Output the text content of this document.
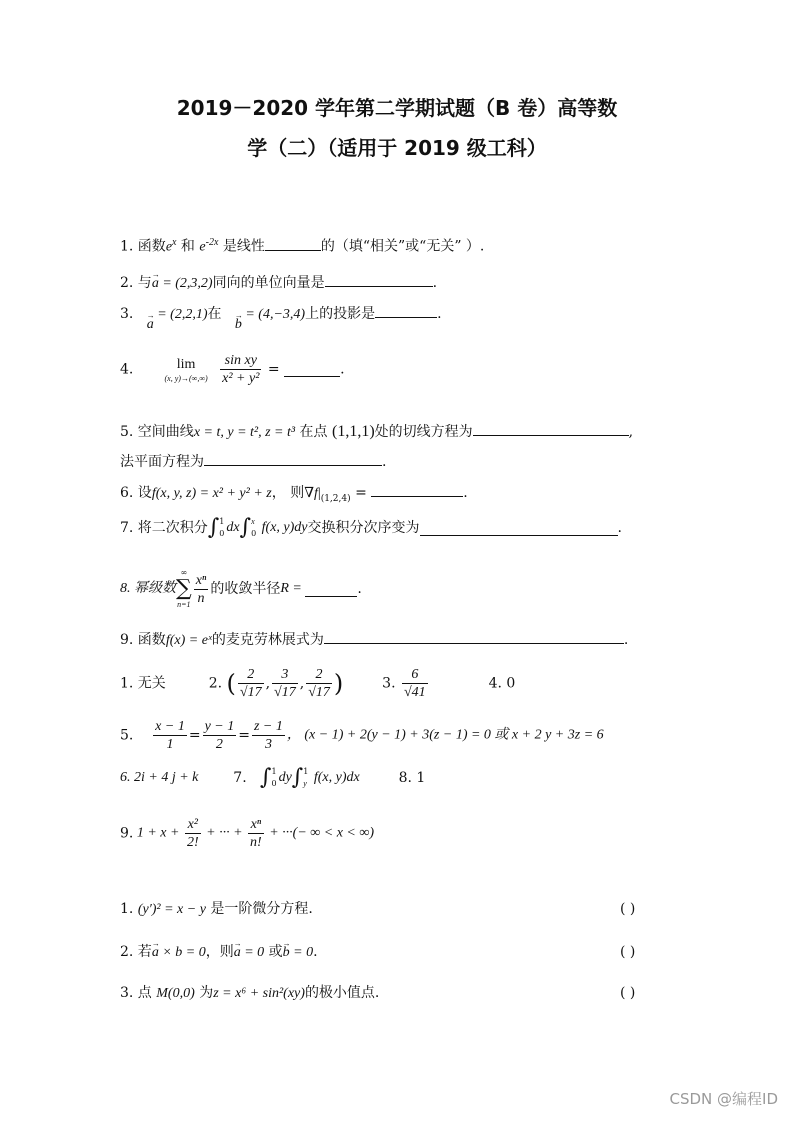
2019－2020 学年第二学期试题（B 卷）高等数
学（二）（适用于 2019 级工科）
1. 函数$e^x$ 和 $e^{-2x}$ 是线性	的（填“相关”或“无关” ）.
2. 与→ a = (2,3,2)同向的单位向量是	.
3.   → a = (2,2,1)在   → b = (4,−3,4)上的投影是	.
4.	lim
(x, y)→(∞,∞)
$\frac{\text{sin xy}}{\text{x² + y²}}$ =	.
5. 空间曲线x = t, y = t², z = t³ 在点 (1,1,1)处的切线方程为	,
法平面方程为	.
6. 设f(x, y, z) = x² + y² + z， 则$\nabla f|_{(1,2,4)}$ =	.
7. 将二次积分∫ 1
0 dx∫ x
0 f(x, y)dy交换积分次序变为	.
8. 幂级数
∞
∑
$n=1 \frac{\text{xⁿ}}{n}$ 的收敛半径R =	.
9. 函数f(x) = eˣ的麦克劳林展式为	.
1. 无关	2. ( $\frac{2}{√17}$ , $\frac{3}{√17}$ , $\frac{2}{√17}$ )	3. $\frac{6}{√41}$	4. 0
5. $\frac{x - 1}{1} = \frac{y - 1}{2} = \frac{z - 1}{3}$ ， (x − 1) + 2(y − 1) + 3(z − 1) = 0 或 x + 2 y + 3z = 6
6. 2i + 4 j + k 7. ∫ 1
0 dy∫ 1
y f(x, y)dx	8. 1
9. $1 + x + \frac{\text{x²}}{2!}$ + ··· + $\frac{\text{xⁿ}}{n!}$ + ···(− ∞ < x < ∞)
1. (y′)² = x − y 是一阶微分方程.	( )
2. 若→ a × b = 0，则→ a = 0 或→ b = 0.	( )
3. 点 M(0,0) 为z = x⁶ + sin²(xy)的极小值点.	( )
CSDN @编程ID
